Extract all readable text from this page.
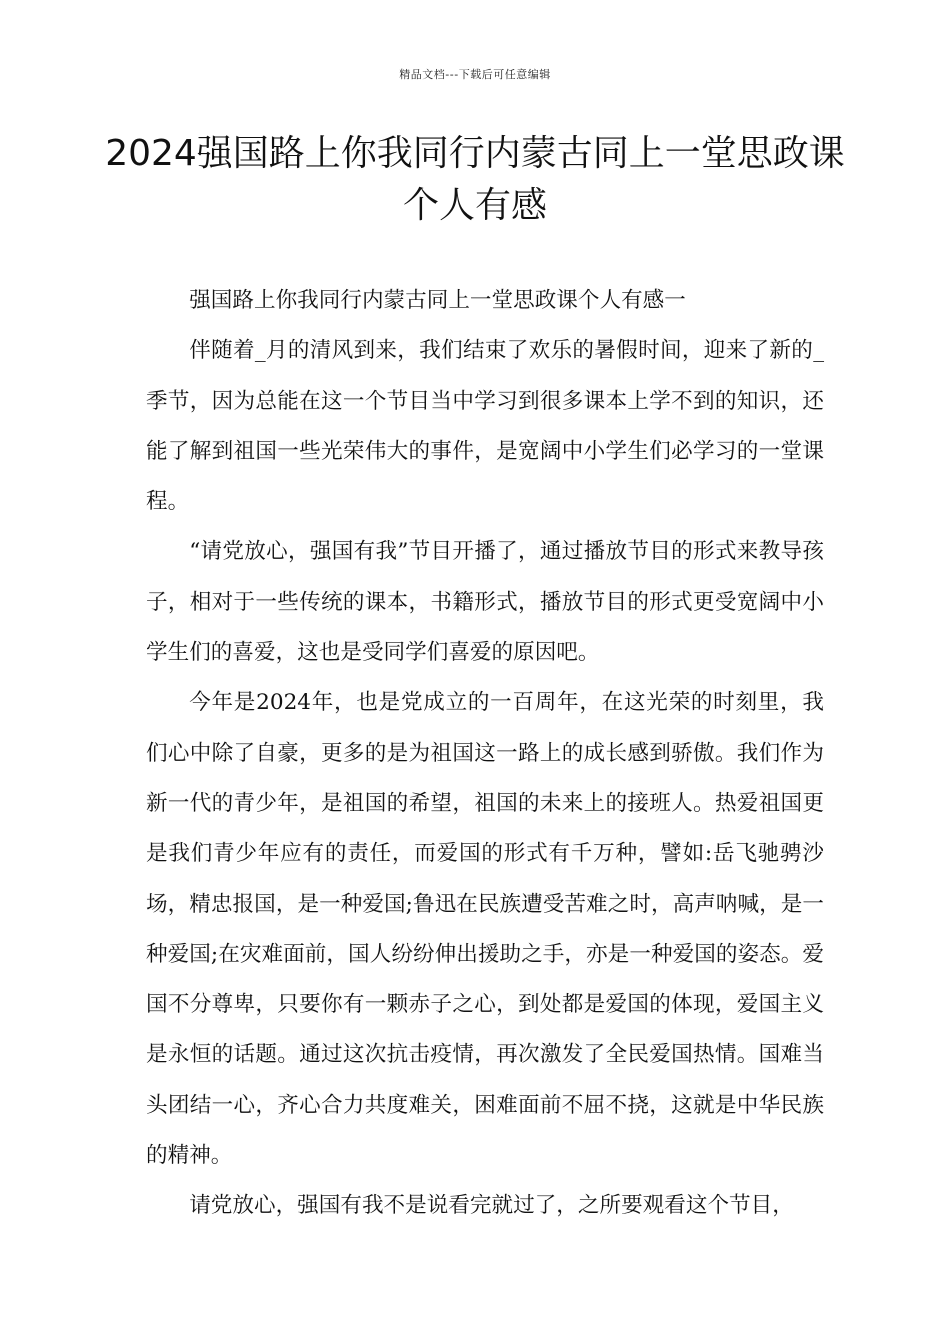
精品文档---下载后可任意编辑
2024强国路上你我同行内蒙古同上一堂思政课个人有感

强国路上你我同行内蒙古同上一堂思政课个人有感一

伴随着_月的清风到来，我们结束了欢乐的暑假时间，迎来了新的_季节，因为总能在这一个节目当中学习到很多课本上学不到的知识，还能了解到祖国一些光荣伟大的事件，是宽阔中小学生们必学习的一堂课程。

“请党放心，强国有我”节目开播了，通过播放节目的形式来教导孩子，相对于一些传统的课本，书籍形式，播放节目的形式更受宽阔中小学生们的喜爱，这也是受同学们喜爱的原因吧。

今年是2024年，也是党成立的一百周年，在这光荣的时刻里，我们心中除了自豪，更多的是为祖国这一路上的成长感到骄傲。我们作为新一代的青少年，是祖国的希望，祖国的未来上的接班人。热爱祖国更是我们青少年应有的责任，而爱国的形式有千万种，譬如:岳飞驰骋沙场，精忠报国，是一种爱国;鲁迅在民族遭受苦难之时，高声呐喊，是一种爱国;在灾难面前，国人纷纷伸出援助之手，亦是一种爱国的姿态。爱国不分尊卑，只要你有一颗赤子之心，到处都是爱国的体现，爱国主义是永恒的话题。通过这次抗击疫情，再次激发了全民爱国热情。国难当头团结一心，齐心合力共度难关，困难面前不屈不挠，这就是中华民族的精神。

请党放心，强国有我不是说看完就过了，之所要观看这个节目，
